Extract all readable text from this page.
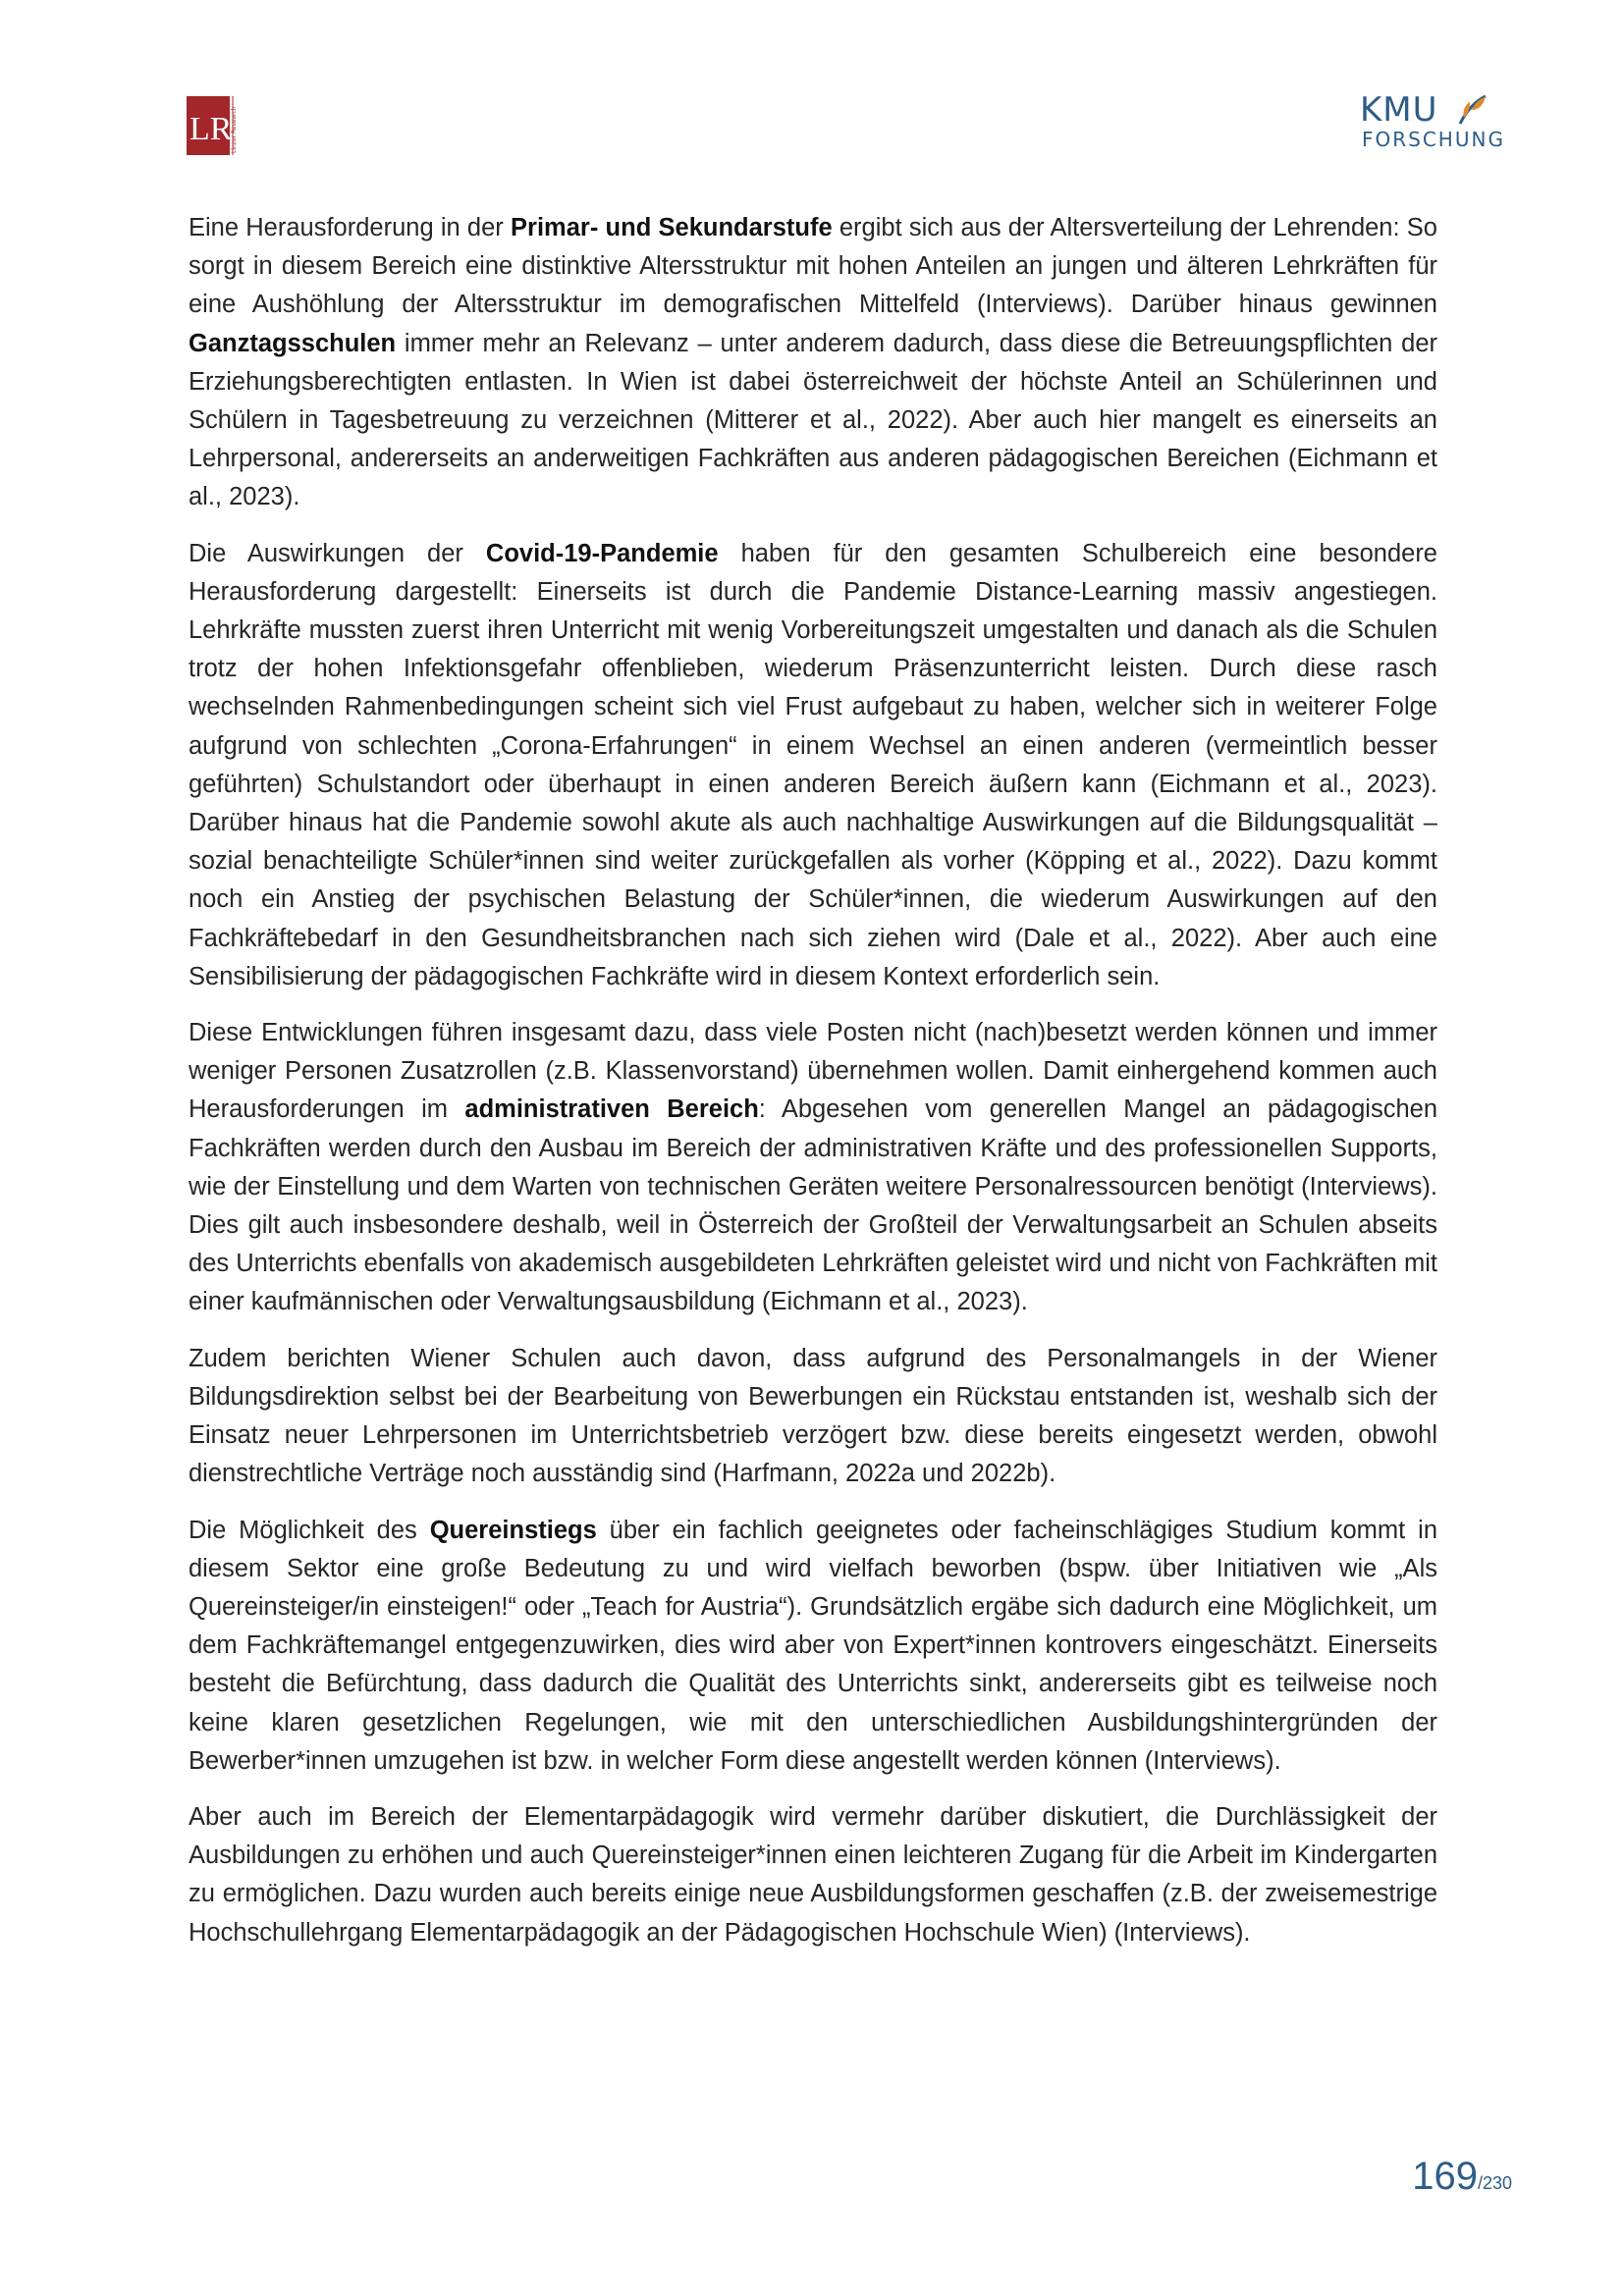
LR
Linzer Research	KMU
FORSCHUNG

Eine Herausforderung in der Primar- und Sekundarstufe ergibt sich aus der Altersverteilung der Lehrenden: So sorgt in diesem Bereich eine distinktive Altersstruktur mit hohen Anteilen an jungen und älteren Lehrkräften für eine Aushöhlung der Altersstruktur im demografischen Mittelfeld (Interviews). Darüber hinaus gewinnen Ganztagsschulen immer mehr an Relevanz – unter anderem dadurch, dass diese die Betreuungspflichten der Erziehungsberechtigten entlasten. In Wien ist dabei österreichweit der höchste Anteil an Schülerinnen und Schülern in Tagesbetreuung zu verzeichnen (Mitterer et al., 2022). Aber auch hier mangelt es einerseits an Lehrpersonal, andererseits an anderweitigen Fachkräften aus anderen pädagogischen Bereichen (Eichmann et al., 2023).

Die Auswirkungen der Covid-19-Pandemie haben für den gesamten Schulbereich eine besondere Herausforderung dargestellt: Einerseits ist durch die Pandemie Distance-Learning massiv angestiegen. Lehrkräfte mussten zuerst ihren Unterricht mit wenig Vorbereitungszeit umgestalten und danach als die Schulen trotz der hohen Infektionsgefahr offenblieben, wiederum Präsenzunterricht leisten. Durch diese rasch wechselnden Rahmenbedingungen scheint sich viel Frust aufgebaut zu haben, welcher sich in weiterer Folge aufgrund von schlechten „Corona-Erfahrungen“ in einem Wechsel an einen anderen (vermeintlich besser geführten) Schulstandort oder überhaupt in einen anderen Bereich äußern kann (Eichmann et al., 2023). Darüber hinaus hat die Pandemie sowohl akute als auch nachhaltige Auswirkungen auf die Bildungsqualität – sozial benachteiligte Schüler*innen sind weiter zurückgefallen als vorher (Köpping et al., 2022). Dazu kommt noch ein Anstieg der psychischen Belastung der Schüler*innen, die wiederum Auswirkungen auf den Fachkräftebedarf in den Gesundheitsbranchen nach sich ziehen wird (Dale et al., 2022). Aber auch eine Sensibilisierung der pädagogischen Fachkräfte wird in diesem Kontext erforderlich sein.

Diese Entwicklungen führen insgesamt dazu, dass viele Posten nicht (nach)besetzt werden können und immer weniger Personen Zusatzrollen (z.B. Klassenvorstand) übernehmen wollen. Damit einhergehend kommen auch Herausforderungen im administrativen Bereich: Abgesehen vom generellen Mangel an pädagogischen Fachkräften werden durch den Ausbau im Bereich der administrativen Kräfte und des professionellen Supports, wie der Einstellung und dem Warten von technischen Geräten weitere Personalressourcen benötigt (Interviews). Dies gilt auch insbesondere deshalb, weil in Österreich der Großteil der Verwaltungsarbeit an Schulen abseits des Unterrichts ebenfalls von akademisch ausgebildeten Lehrkräften geleistet wird und nicht von Fachkräften mit einer kaufmännischen oder Verwaltungsausbildung (Eichmann et al., 2023).

Zudem berichten Wiener Schulen auch davon, dass aufgrund des Personalmangels in der Wiener Bildungsdirektion selbst bei der Bearbeitung von Bewerbungen ein Rückstau entstanden ist, weshalb sich der Einsatz neuer Lehrpersonen im Unterrichtsbetrieb verzögert bzw. diese bereits eingesetzt werden, obwohl dienstrechtliche Verträge noch ausständig sind (Harfmann, 2022a und 2022b).

Die Möglichkeit des Quereinstiegs über ein fachlich geeignetes oder facheinschlägiges Studium kommt in diesem Sektor eine große Bedeutung zu und wird vielfach beworben (bspw. über Initiativen wie „Als Quereinsteiger/in einsteigen!“ oder „Teach for Austria“). Grundsätzlich ergäbe sich dadurch eine Möglichkeit, um dem Fachkräftemangel entgegenzuwirken, dies wird aber von Expert*innen kontrovers eingeschätzt. Einerseits besteht die Befürchtung, dass dadurch die Qualität des Unterrichts sinkt, andererseits gibt es teilweise noch keine klaren gesetzlichen Regelungen, wie mit den unterschiedlichen Ausbildungshintergründen der Bewerber*innen umzugehen ist bzw. in welcher Form diese angestellt werden können (Interviews).

Aber auch im Bereich der Elementarpädagogik wird vermehr darüber diskutiert, die Durchlässigkeit der Ausbildungen zu erhöhen und auch Quereinsteiger*innen einen leichteren Zugang für die Arbeit im Kindergarten zu ermöglichen. Dazu wurden auch bereits einige neue Ausbildungsformen geschaffen (z.B. der zweisemestrige Hochschullehrgang Elementarpädagogik an der Pädagogischen Hochschule Wien) (Interviews).

169/230
